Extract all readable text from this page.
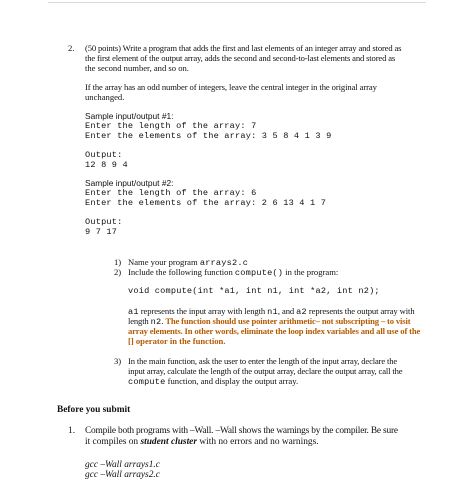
2. (50 points) Write a program that adds the first and last elements of an integer array and stored as
the first element of the output array, adds the second and second-to-last elements and stored as
the second number, and so on.
If the array has an odd number of integers, leave the central integer in the original array
unchanged.
Sample input/output #1:
Enter the length of the array: 7
Enter the elements of the array: 3 5 8 4 1 3 9
Output:
12 8 9 4
Sample input/output #2:
Enter the length of the array: 6
Enter the elements of the array: 2 6 13 4 1 7
Output:
9 7 17
1) Name your program arrays2.c
2) Include the following function compute() in the program:
void compute(int *a1, int n1, int *a2, int n2);
a1 represents the input array with length n1, and a2 represents the output array with
length n2. The function should use pointer arithmetic– not subscripting – to visit
array elements. In other words, eliminate the loop index variables and all use of the
[] operator in the function.
3) In the main function, ask the user to enter the length of the input array, declare the
input array, calculate the length of the output array, declare the output array, call the
compute function, and display the output array.
Before you submit
1. Compile both programs with –Wall. –Wall shows the warnings by the compiler. Be sure
it compiles on student cluster with no errors and no warnings.
gcc –Wall arrays1.c
gcc –Wall arrays2.c
